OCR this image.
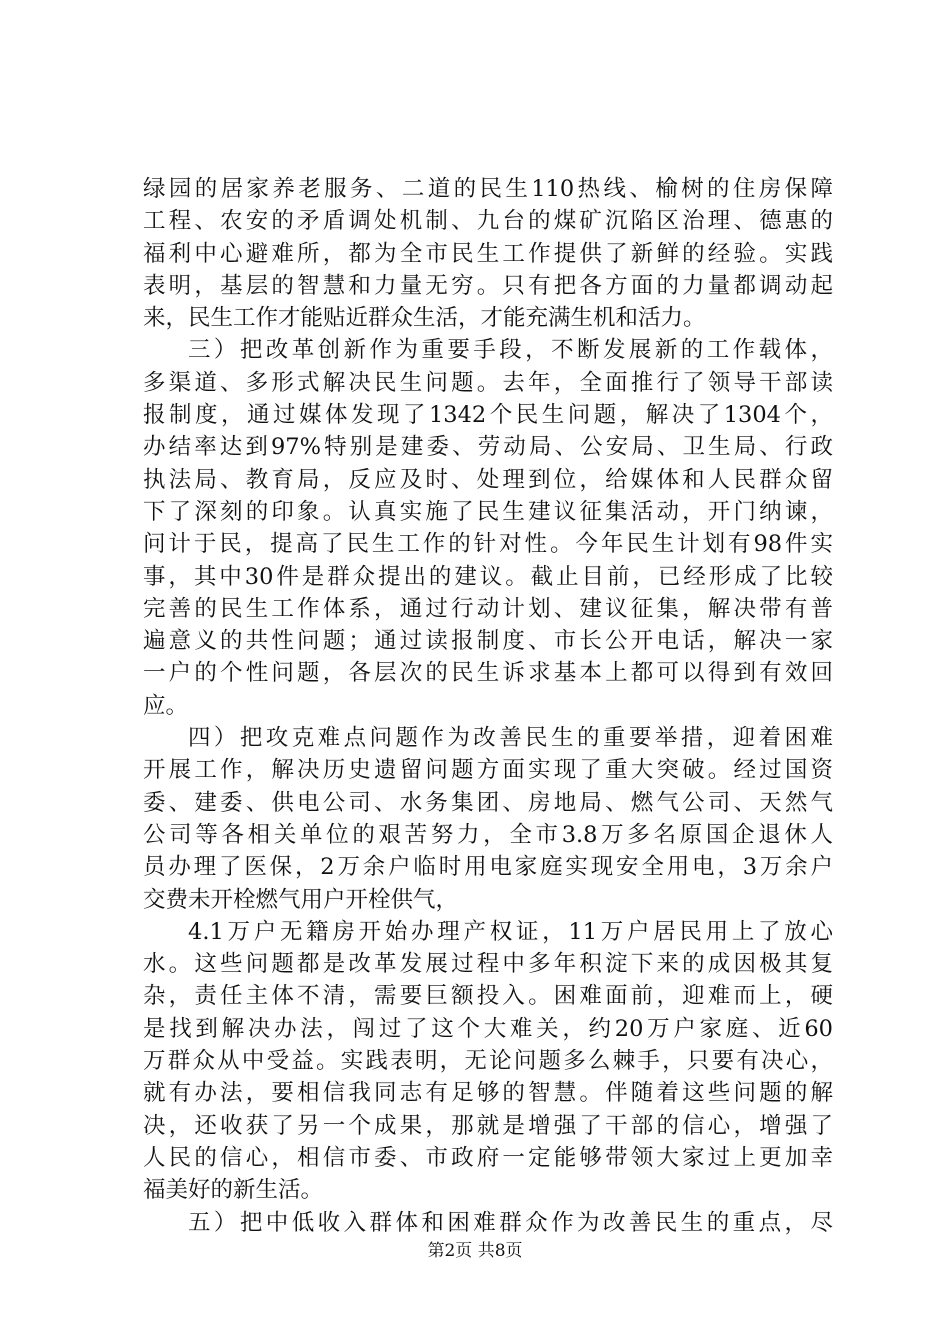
绿园的居家养老服务、二道的民生110热线、榆树的住房保障
工程、农安的矛盾调处机制、九台的煤矿沉陷区治理、德惠的
福利中心避难所，都为全市民生工作提供了新鲜的经验。实践
表明，基层的智慧和力量无穷。只有把各方面的力量都调动起
来，民生工作才能贴近群众生活，才能充满生机和活力。
三）把改革创新作为重要手段，不断发展新的工作载体，
多渠道、多形式解决民生问题。去年，全面推行了领导干部读
报制度，通过媒体发现了1342个民生问题，解决了1304个，
办结率达到97%特别是建委、劳动局、公安局、卫生局、行政
执法局、教育局，反应及时、处理到位，给媒体和人民群众留
下了深刻的印象。认真实施了民生建议征集活动，开门纳谏，
问计于民，提高了民生工作的针对性。今年民生计划有98件实
事，其中30件是群众提出的建议。截止目前，已经形成了比较
完善的民生工作体系，通过行动计划、建议征集，解决带有普
遍意义的共性问题；通过读报制度、市长公开电话，解决一家
一户的个性问题，各层次的民生诉求基本上都可以得到有效回
应。
四）把攻克难点问题作为改善民生的重要举措，迎着困难
开展工作，解决历史遗留问题方面实现了重大突破。经过国资
委、建委、供电公司、水务集团、房地局、燃气公司、天然气
公司等各相关单位的艰苦努力，全市3.8万多名原国企退休人
员办理了医保，2万余户临时用电家庭实现安全用电，3万余户
交费未开栓燃气用户开栓供气，
4.1万户无籍房开始办理产权证，11万户居民用上了放心
水。这些问题都是改革发展过程中多年积淀下来的成因极其复
杂，责任主体不清，需要巨额投入。困难面前，迎难而上，硬
是找到解决办法，闯过了这个大难关，约20万户家庭、近60
万群众从中受益。实践表明，无论问题多么棘手，只要有决心，
就有办法，要相信我同志有足够的智慧。伴随着这些问题的解
决，还收获了另一个成果，那就是增强了干部的信心，增强了
人民的信心，相信市委、市政府一定能够带领大家过上更加幸
福美好的新生活。
五）把中低收入群体和困难群众作为改善民生的重点，尽
第2页 共8页
